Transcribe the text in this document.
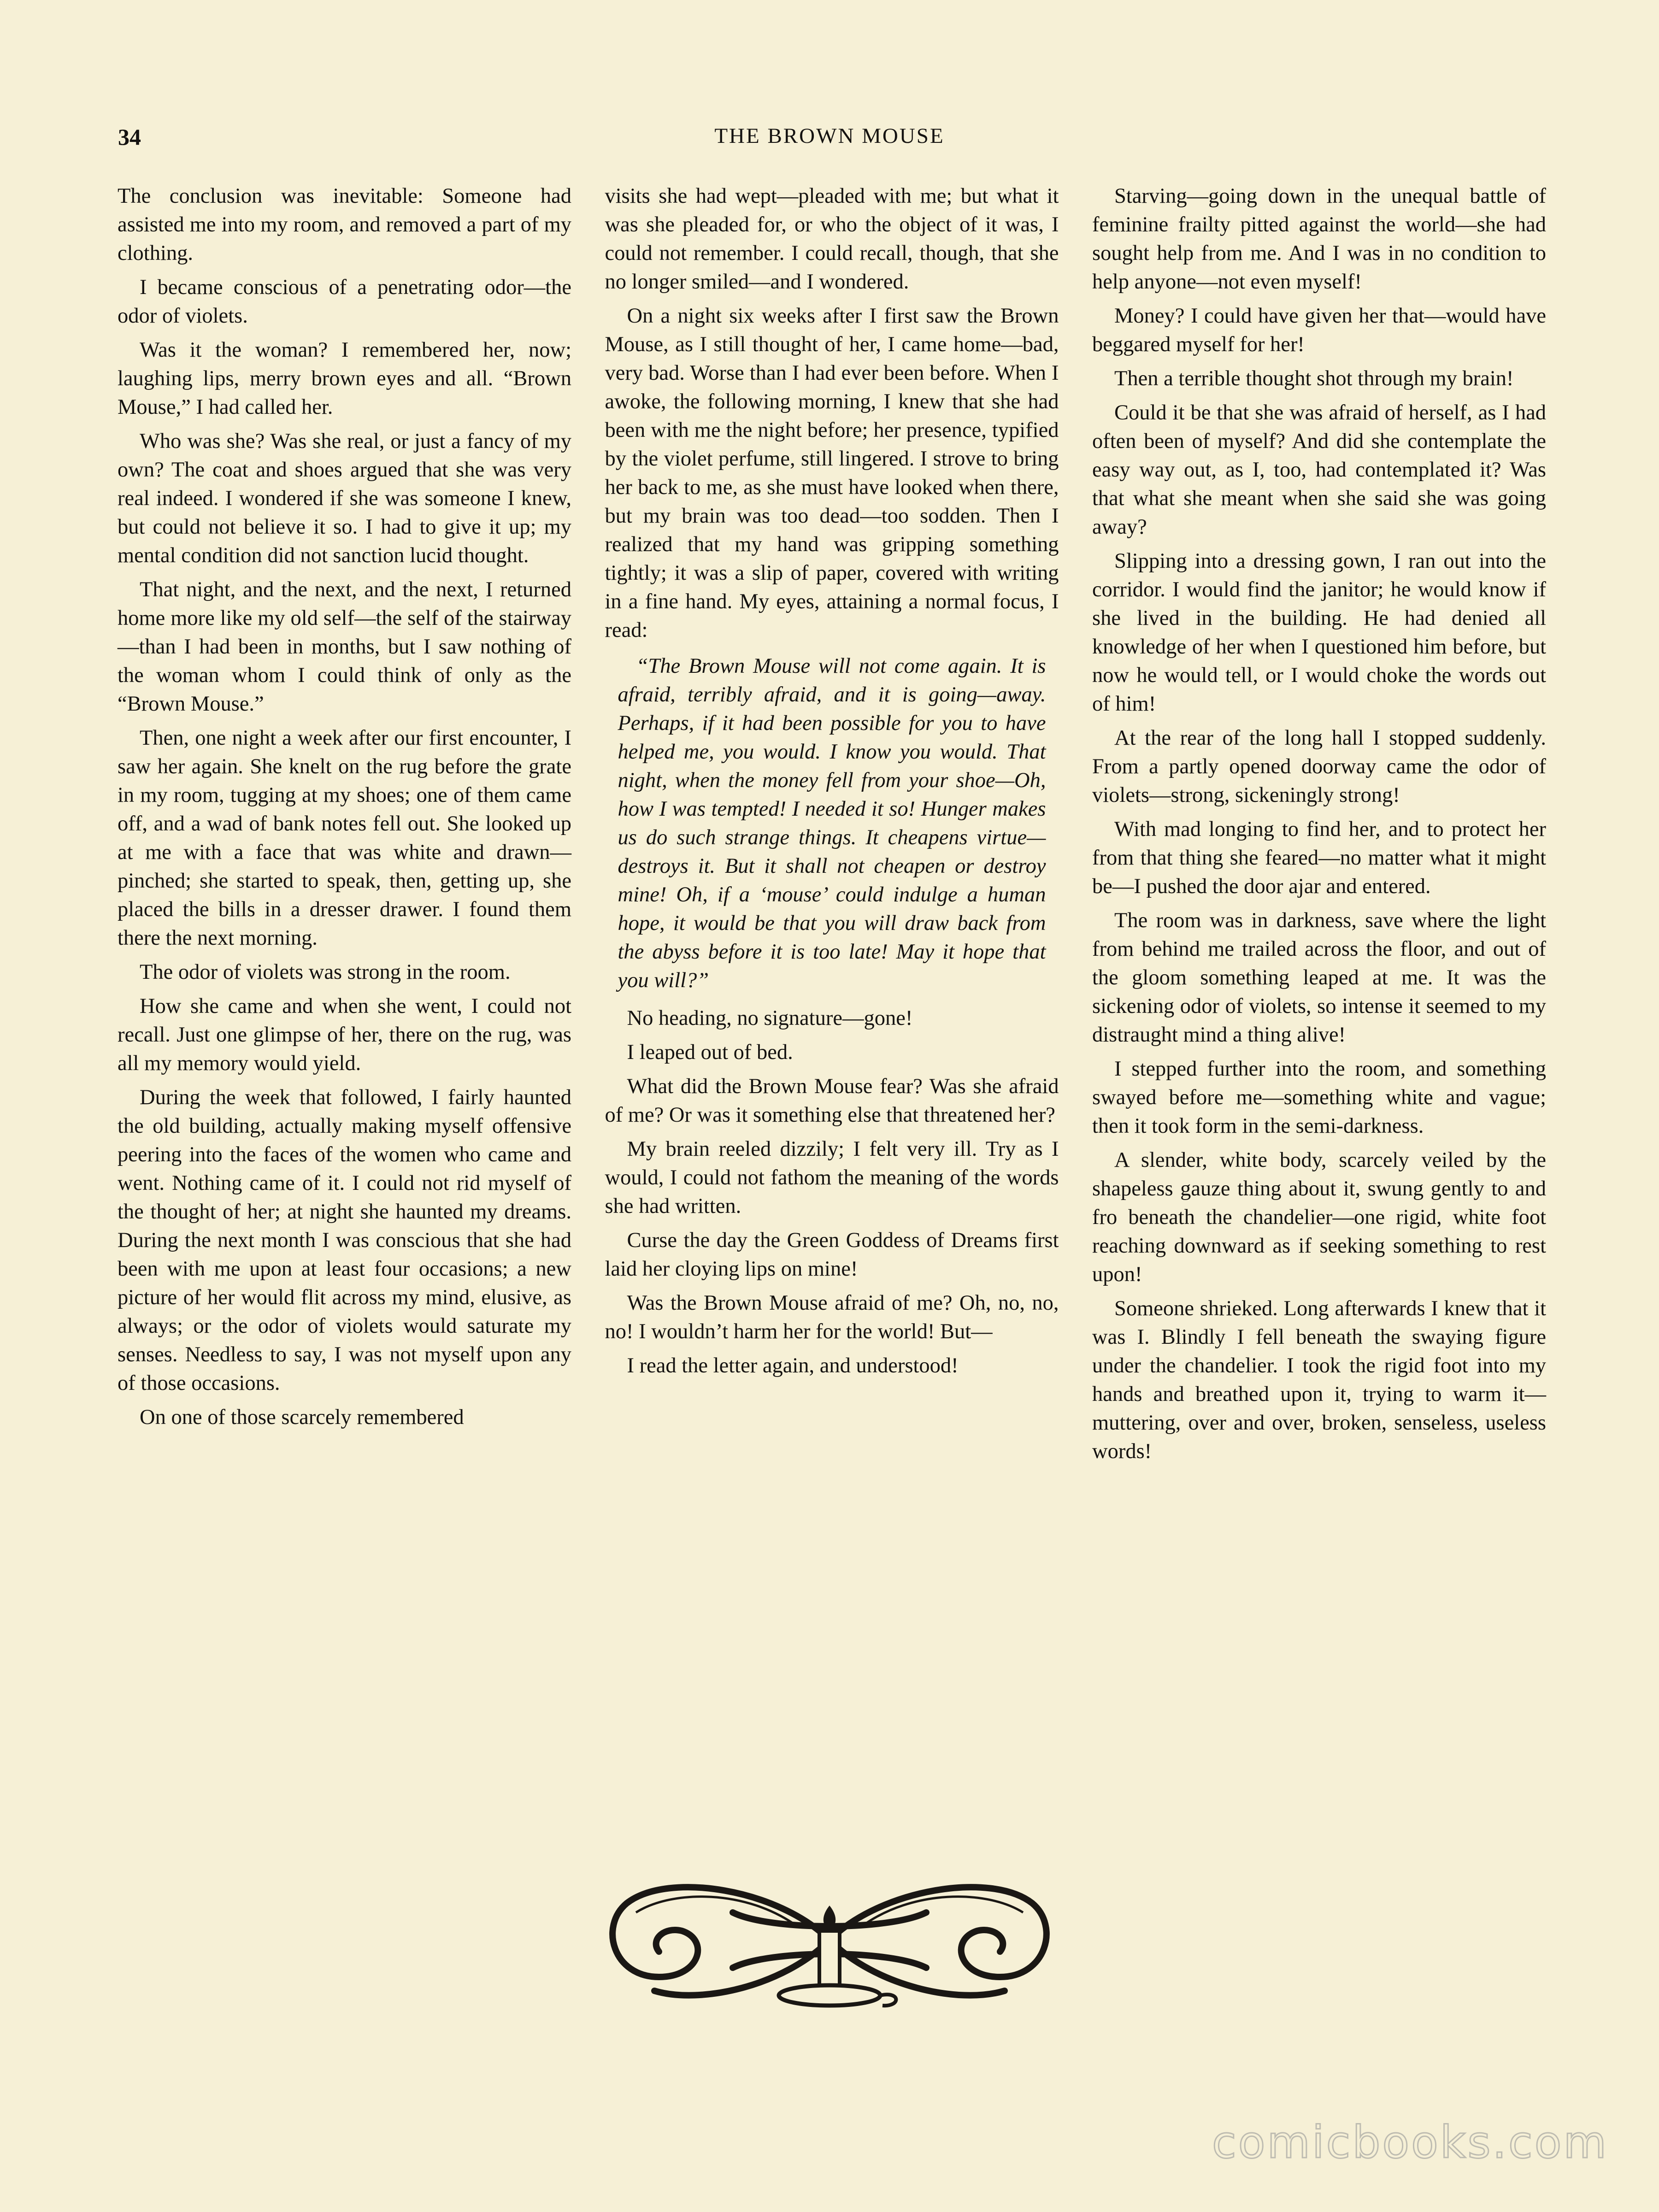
34	THE BROWN MOUSE

The conclusion was inevitable: Someone had assisted me into my room, and removed a part of my clothing.

I became conscious of a penetrating odor—the odor of violets.

Was it the woman? I remembered her, now; laughing lips, merry brown eyes and all. “Brown Mouse,” I had called her.

Who was she? Was she real, or just a fancy of my own? The coat and shoes argued that she was very real indeed. I wondered if she was someone I knew, but could not believe it so. I had to give it up; my mental condition did not sanction lucid thought.

That night, and the next, and the next, I returned home more like my old self—the self of the stairway—than I had been in months, but I saw nothing of the woman whom I could think of only as the “Brown Mouse.”

Then, one night a week after our first encounter, I saw her again. She knelt on the rug before the grate in my room, tugging at my shoes; one of them came off, and a wad of bank notes fell out. She looked up at me with a face that was white and drawn—pinched; she started to speak, then, getting up, she placed the bills in a dresser drawer. I found them there the next morning.

The odor of violets was strong in the room.

How she came and when she went, I could not recall. Just one glimpse of her, there on the rug, was all my memory would yield.

During the week that followed, I fairly haunted the old building, actually making myself offensive peering into the faces of the women who came and went. Nothing came of it. I could not rid myself of the thought of her; at night she haunted my dreams. During the next month I was conscious that she had been with me upon at least four occasions; a new picture of her would flit across my mind, elusive, as always; or the odor of violets would saturate my senses. Needless to say, I was not myself upon any of those occasions.

On one of those scarcely remembered

visits she had wept—pleaded with me; but what it was she pleaded for, or who the object of it was, I could not remember. I could recall, though, that she no longer smiled—and I wondered.

On a night six weeks after I first saw the Brown Mouse, as I still thought of her, I came home—bad, very bad. Worse than I had ever been before. When I awoke, the following morning, I knew that she had been with me the night before; her presence, typified by the violet perfume, still lingered. I strove to bring her back to me, as she must have looked when there, but my brain was too dead—too sodden. Then I realized that my hand was gripping something tightly; it was a slip of paper, covered with writing in a fine hand. My eyes, attaining a normal focus, I read:

“The Brown Mouse will not come again. It is afraid, terribly afraid, and it is going—away. Perhaps, if it had been possible for you to have helped me, you would. I know you would. That night, when the money fell from your shoe—Oh, how I was tempted! I needed it so! Hunger makes us do such strange things. It cheapens virtue—destroys it. But it shall not cheapen or destroy mine! Oh, if a ‘mouse’ could indulge a human hope, it would be that you will draw back from the abyss before it is too late! May it hope that you will?”

No heading, no signature—gone!

I leaped out of bed.

What did the Brown Mouse fear? Was she afraid of me? Or was it something else that threatened her?

My brain reeled dizzily; I felt very ill. Try as I would, I could not fathom the meaning of the words she had written.

Curse the day the Green Goddess of Dreams first laid her cloying lips on mine!

Was the Brown Mouse afraid of me? Oh, no, no, no! I wouldn’t harm her for the world! But—

I read the letter again, and understood!

Starving—going down in the unequal battle of feminine frailty pitted against the world—she had sought help from me. And I was in no condition to help anyone—not even myself!

Money? I could have given her that—would have beggared myself for her!

Then a terrible thought shot through my brain!

Could it be that she was afraid of herself, as I had often been of myself? And did she contemplate the easy way out, as I, too, had contemplated it? Was that what she meant when she said she was going away?

Slipping into a dressing gown, I ran out into the corridor. I would find the janitor; he would know if she lived in the building. He had denied all knowledge of her when I questioned him before, but now he would tell, or I would choke the words out of him!

At the rear of the long hall I stopped suddenly. From a partly opened doorway came the odor of violets—strong, sickeningly strong!

With mad longing to find her, and to protect her from that thing she feared—no matter what it might be—I pushed the door ajar and entered.

The room was in darkness, save where the light from behind me trailed across the floor, and out of the gloom something leaped at me. It was the sickening odor of violets, so intense it seemed to my distraught mind a thing alive!

I stepped further into the room, and something swayed before me—something white and vague; then it took form in the semi-darkness.

A slender, white body, scarcely veiled by the shapeless gauze thing about it, swung gently to and fro beneath the chandelier—one rigid, white foot reaching downward as if seeking something to rest upon!

Someone shrieked. Long afterwards I knew that it was I. Blindly I fell beneath the swaying figure under the chandelier. I took the rigid foot into my hands and breathed upon it, trying to warm it—muttering, over and over, broken, senseless, useless words!

comicbooks.com
